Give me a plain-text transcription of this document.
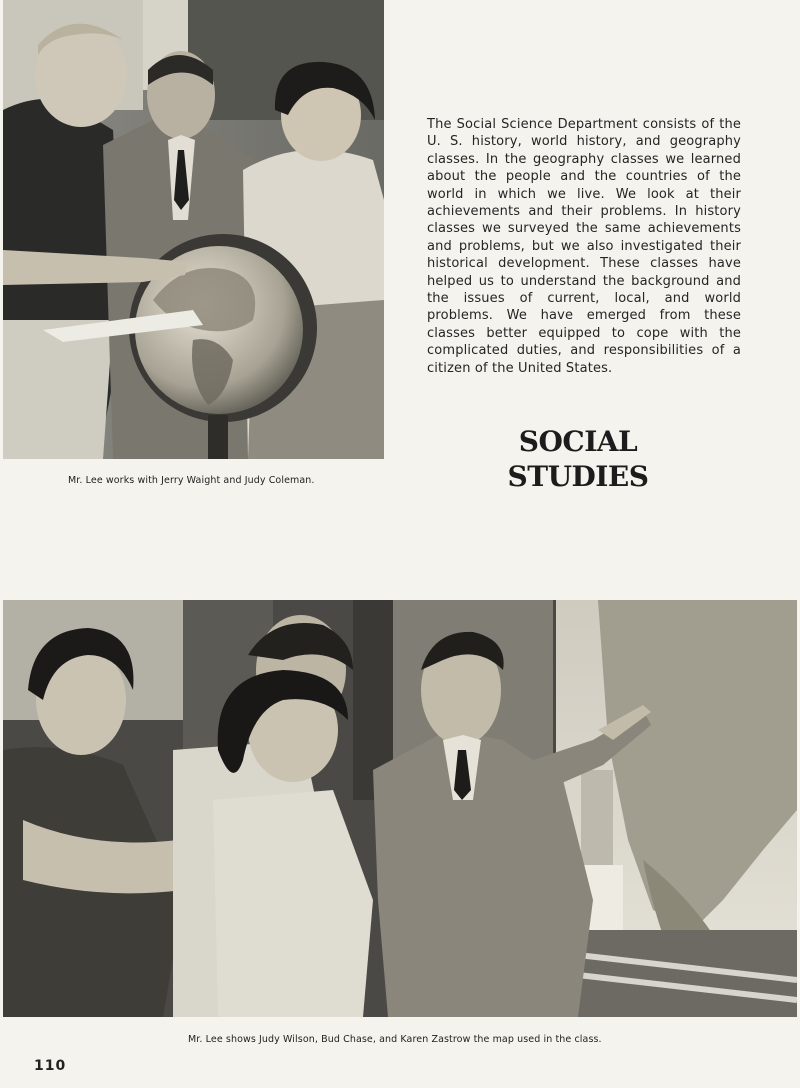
Mr. Lee works with Jerry Waight and Judy Coleman.
The Social Science Department consists of the U. S. history, world history, and geography classes. In the geography classes we learned about the people and the countries of the world in which we live. We look at their achievements and their problems. In history classes we surveyed the same achievements and problems, but we also investigated their historical development. These classes have helped us to understand the background and the issues of current, local, and world problems. We have emerged from these classes better equipped to cope with the complicated duties, and responsibilities of a citizen of the United States.
SOCIAL
STUDIES
Mr. Lee shows Judy Wilson, Bud Chase, and Karen Zastrow the map used in the class.
110
